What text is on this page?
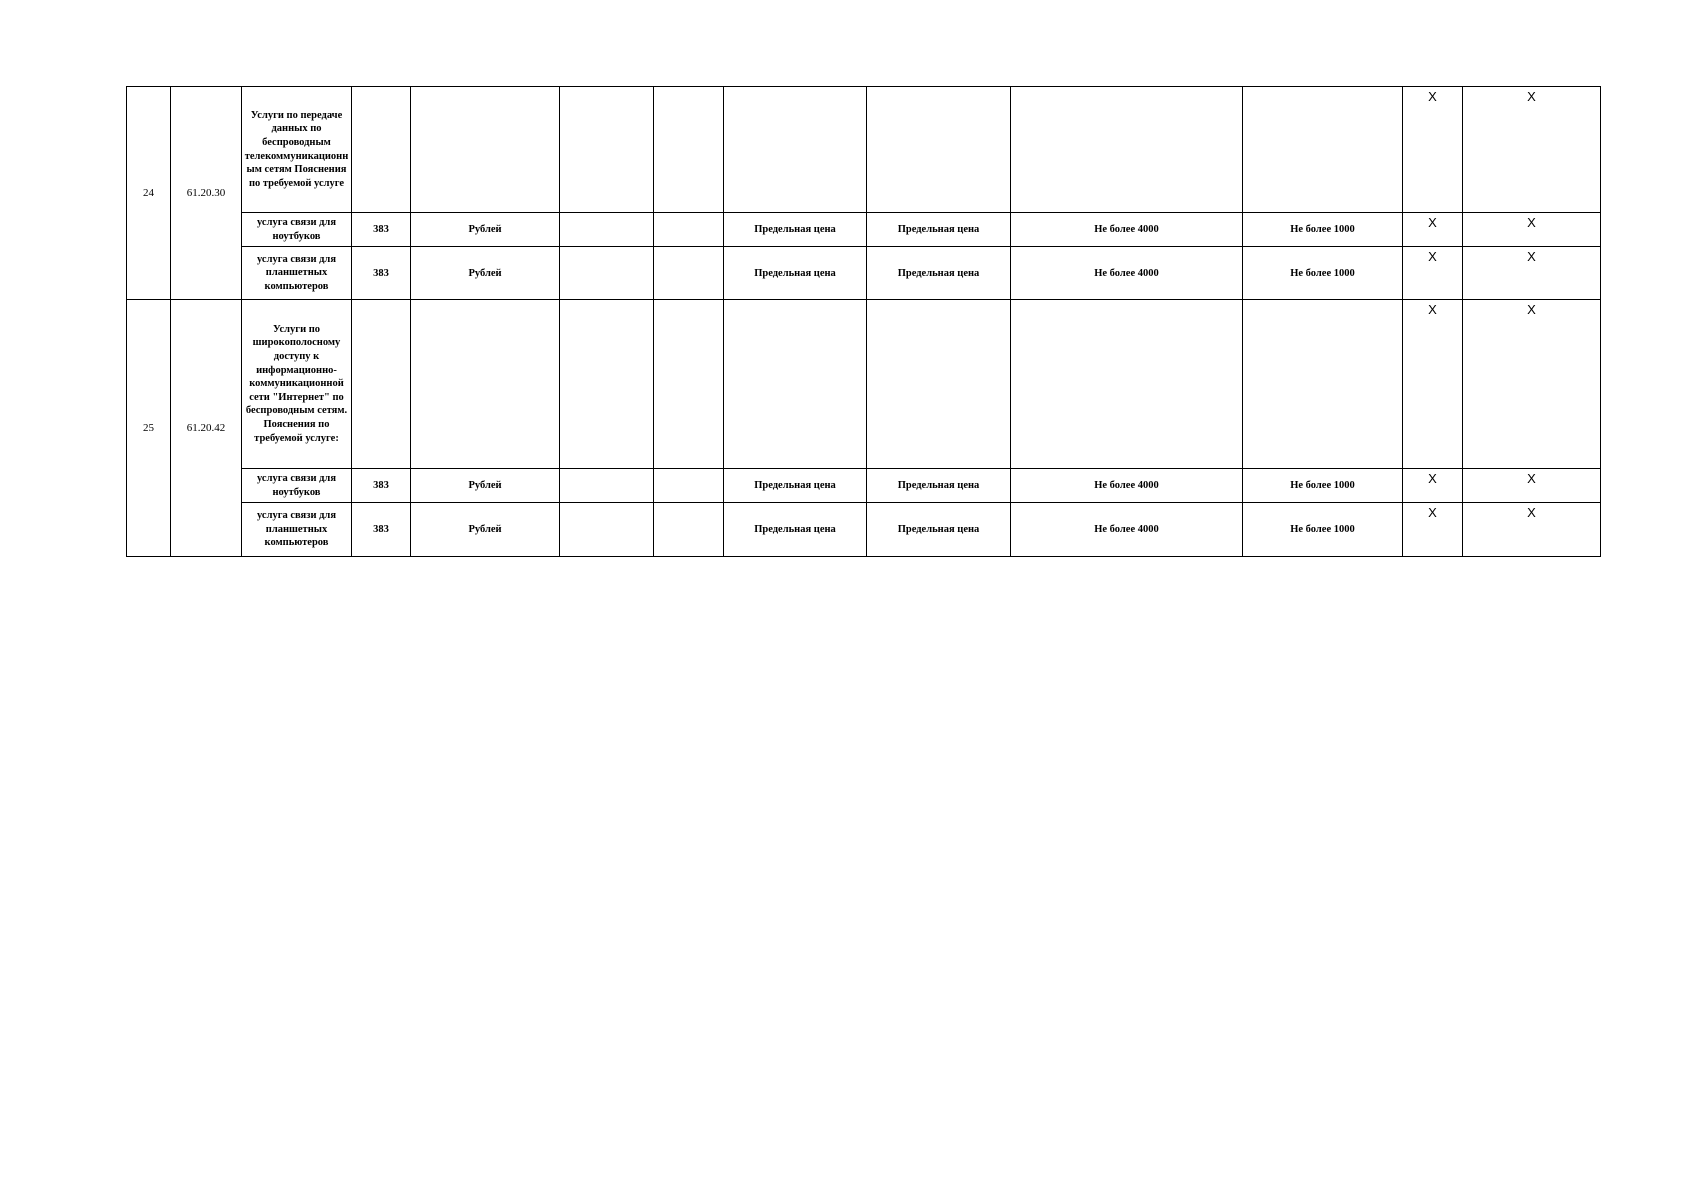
24	61.20.30	Услуги по передаче данных по беспроводным телекоммуникационным сетям Пояснения по требуемой услуге									X	X
		услуга связи для ноутбуков	383	Рублей			Предельная цена	Предельная цена	Не более 4000	Не более 1000	X	X
		услуга связи для планшетных компьютеров	383	Рублей			Предельная цена	Предельная цена	Не более 4000	Не более 1000	X	X
25	61.20.42	Услуги по широкополосному доступу к информационно-коммуникационной сети "Интернет" по беспроводным сетям. Пояснения по требуемой услуге:									X	X
		услуга связи для ноутбуков	383	Рублей			Предельная цена	Предельная цена	Не более 4000	Не более 1000	X	X
		услуга связи для планшетных компьютеров	383	Рублей			Предельная цена	Предельная цена	Не более 4000	Не более 1000	X	X
